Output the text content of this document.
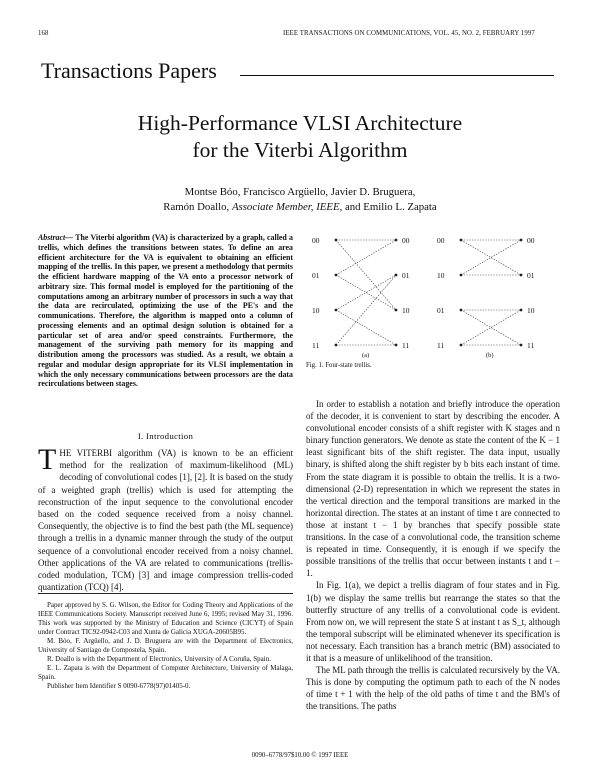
168	IEEE TRANSACTIONS ON COMMUNICATIONS, VOL. 45, NO. 2, FEBRUARY 1997
Transactions Papers
High-Performance VLSI Architecture
for the Viterbi Algorithm
Montse Bóo, Francisco Argüello, Javier D. Bruguera,
Ramón Doallo, Associate Member, IEEE, and Emilio L. Zapata
Abstract— The Viterbi algorithm (VA) is characterized by a graph, called a trellis, which defines the transitions between states. To define an area efficient architecture for the VA is equivalent to obtaining an efficient mapping of the trellis. In this paper, we present a methodology that permits the efficient hardware mapping of the VA onto a processor network of arbitrary size. This formal model is employed for the partitioning of the computations among an arbitrary number of processors in such a way that the data are recirculated, optimizing the use of the PE's and the communications. Therefore, the algorithm is mapped onto a column of processing elements and an optimal design solution is obtained for a particular set of area and/or speed constraints. Furthermore, the management of the surviving path memory for its mapping and distribution among the processors was studied. As a result, we obtain a regular and modular design appropriate for its VLSI implementation in which the only necessary communications between processors are the data recirculations between stages.
I. Introduction
THE VITERBI algorithm (VA) is known to be an efficient method for the realization of maximum-likelihood (ML) decoding of convolutional codes [1], [2]. It is based on the study of a weighted graph (trellis) which is used for attempting the reconstruction of the input sequence to the convolutional encoder based on the coded sequence received from a noisy channel. Consequently, the objective is to find the best path (the ML sequence) through a trellis in a dynamic manner through the study of the output sequence of a convolutional encoder received from a noisy channel. Other applications of the VA are related to communications (trellis-coded modulation, TCM) [3] and image compression trellis-coded quantization (TCQ) [4].

Paper approved by S. G. Wilson, the Editor for Coding Theory and Applications of the IEEE Communications Society. Manuscript received June 6, 1995; revised May 31, 1996. This work was supported by the Ministry of Education and Science (CICYT) of Spain under Contract TIC92-0942-C03 and Xunta de Galicia XUGA-20605B95.

M. Bóo, F. Argüello, and J. D. Bruguera are with the Department of Electronics, University of Santiago de Compostela, Spain.

R. Doallo is with the Department of Electronics, University of A Coruña, Spain.

E. L. Zapata is with the Department of Computer Architecture, University of Malaga, Spain.

Publisher Item Identifier S 0090-6778(97)01405-0.

00
01
10
11
00
01
10
11
00
10
01
11
00
01
10
11
(a)	(b)
Fig. 1. Four-state trellis.

In order to establish a notation and briefly introduce the operation of the decoder, it is convenient to start by describing the encoder. A convolutional encoder consists of a shift register with K stages and n binary function generators. We denote as state the content of the K − 1 least significant bits of the shift register. The data input, usually binary, is shifted along the shift register by b bits each instant of time. From the state diagram it is possible to obtain the trellis. It is a two-dimensional (2-D) representation in which we represent the states in the vertical direction and the temporal transitions are marked in the horizontal direction. The states at an instant of time t are connected to those at instant t − 1 by branches that specify possible state transitions. In the case of a convolutional code, the transition scheme is repeated in time. Consequently, it is enough if we specify the possible transitions of the trellis that occur between instants t and t − 1.

In Fig. 1(a), we depict a trellis diagram of four states and in Fig. 1(b) we display the same trellis but rearrange the states so that the butterfly structure of any trellis of a convolutional code is evident. From now on, we will represent the state S at instant t as S_t, although the temporal subscript will be eliminated whenever its specification is not necessary. Each transition has a branch metric (BM) associated to it that is a measure of unlikelihood of the transition.

The ML path through the trellis is calculated recursively by the VA. This is done by computing the optimum path to each of the N nodes of time t + 1 with the help of the old paths of time t and the BM's of the transitions. The paths

0090–6778/97$10.00 © 1997 IEEE
